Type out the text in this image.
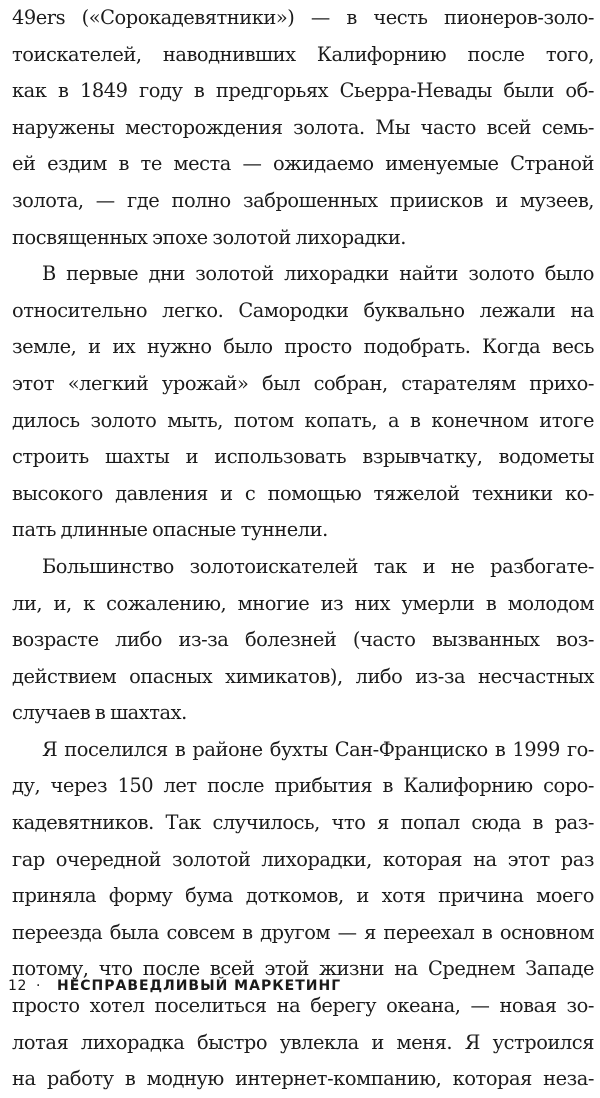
49ers («Сорокадевятники») — в честь пионеров-золо-
тоискателей, наводнивших Калифорнию после того,
как в 1849 году в предгорьях Сьерра-Невады были об-
наружены месторождения золота. Мы часто всей семь-
ей ездим в те места — ожидаемо именуемые Страной
золота, — где полно заброшенных приисков и музеев,
посвященных эпохе золотой лихорадки.
В первые дни золотой лихорадки найти золото было
относительно легко. Самородки буквально лежали на
земле, и их нужно было просто подобрать. Когда весь
этот «легкий урожай» был собран, старателям прихо-
дилось золото мыть, потом копать, а в конечном итоге
строить шахты и использовать взрывчатку, водометы
высокого давления и с помощью тяжелой техники ко-
пать длинные опасные туннели.
Большинство золотоискателей так и не разбогате-
ли, и, к сожалению, многие из них умерли в молодом
возрасте либо из-за болезней (часто вызванных воз-
действием опасных химикатов), либо из-за несчастных
случаев в шахтах.
Я поселился в районе бухты Сан-Франциско в 1999 го-
ду, через 150 лет после прибытия в Калифорнию соро-
кадевятников. Так случилось, что я попал сюда в раз-
гар очередной золотой лихорадки, которая на этот раз
приняла форму бума доткомов, и хотя причина моего
переезда была совсем в другом — я переехал в основном
потому, что после всей этой жизни на Среднем Западе
просто хотел поселиться на берегу океана, — новая зо-
лотая лихорадка быстро увлекла и меня. Я устроился
на работу в модную интернет-компанию, которая неза-
12 · НЕСПРАВЕДЛИВЫЙ МАРКЕТИНГ
